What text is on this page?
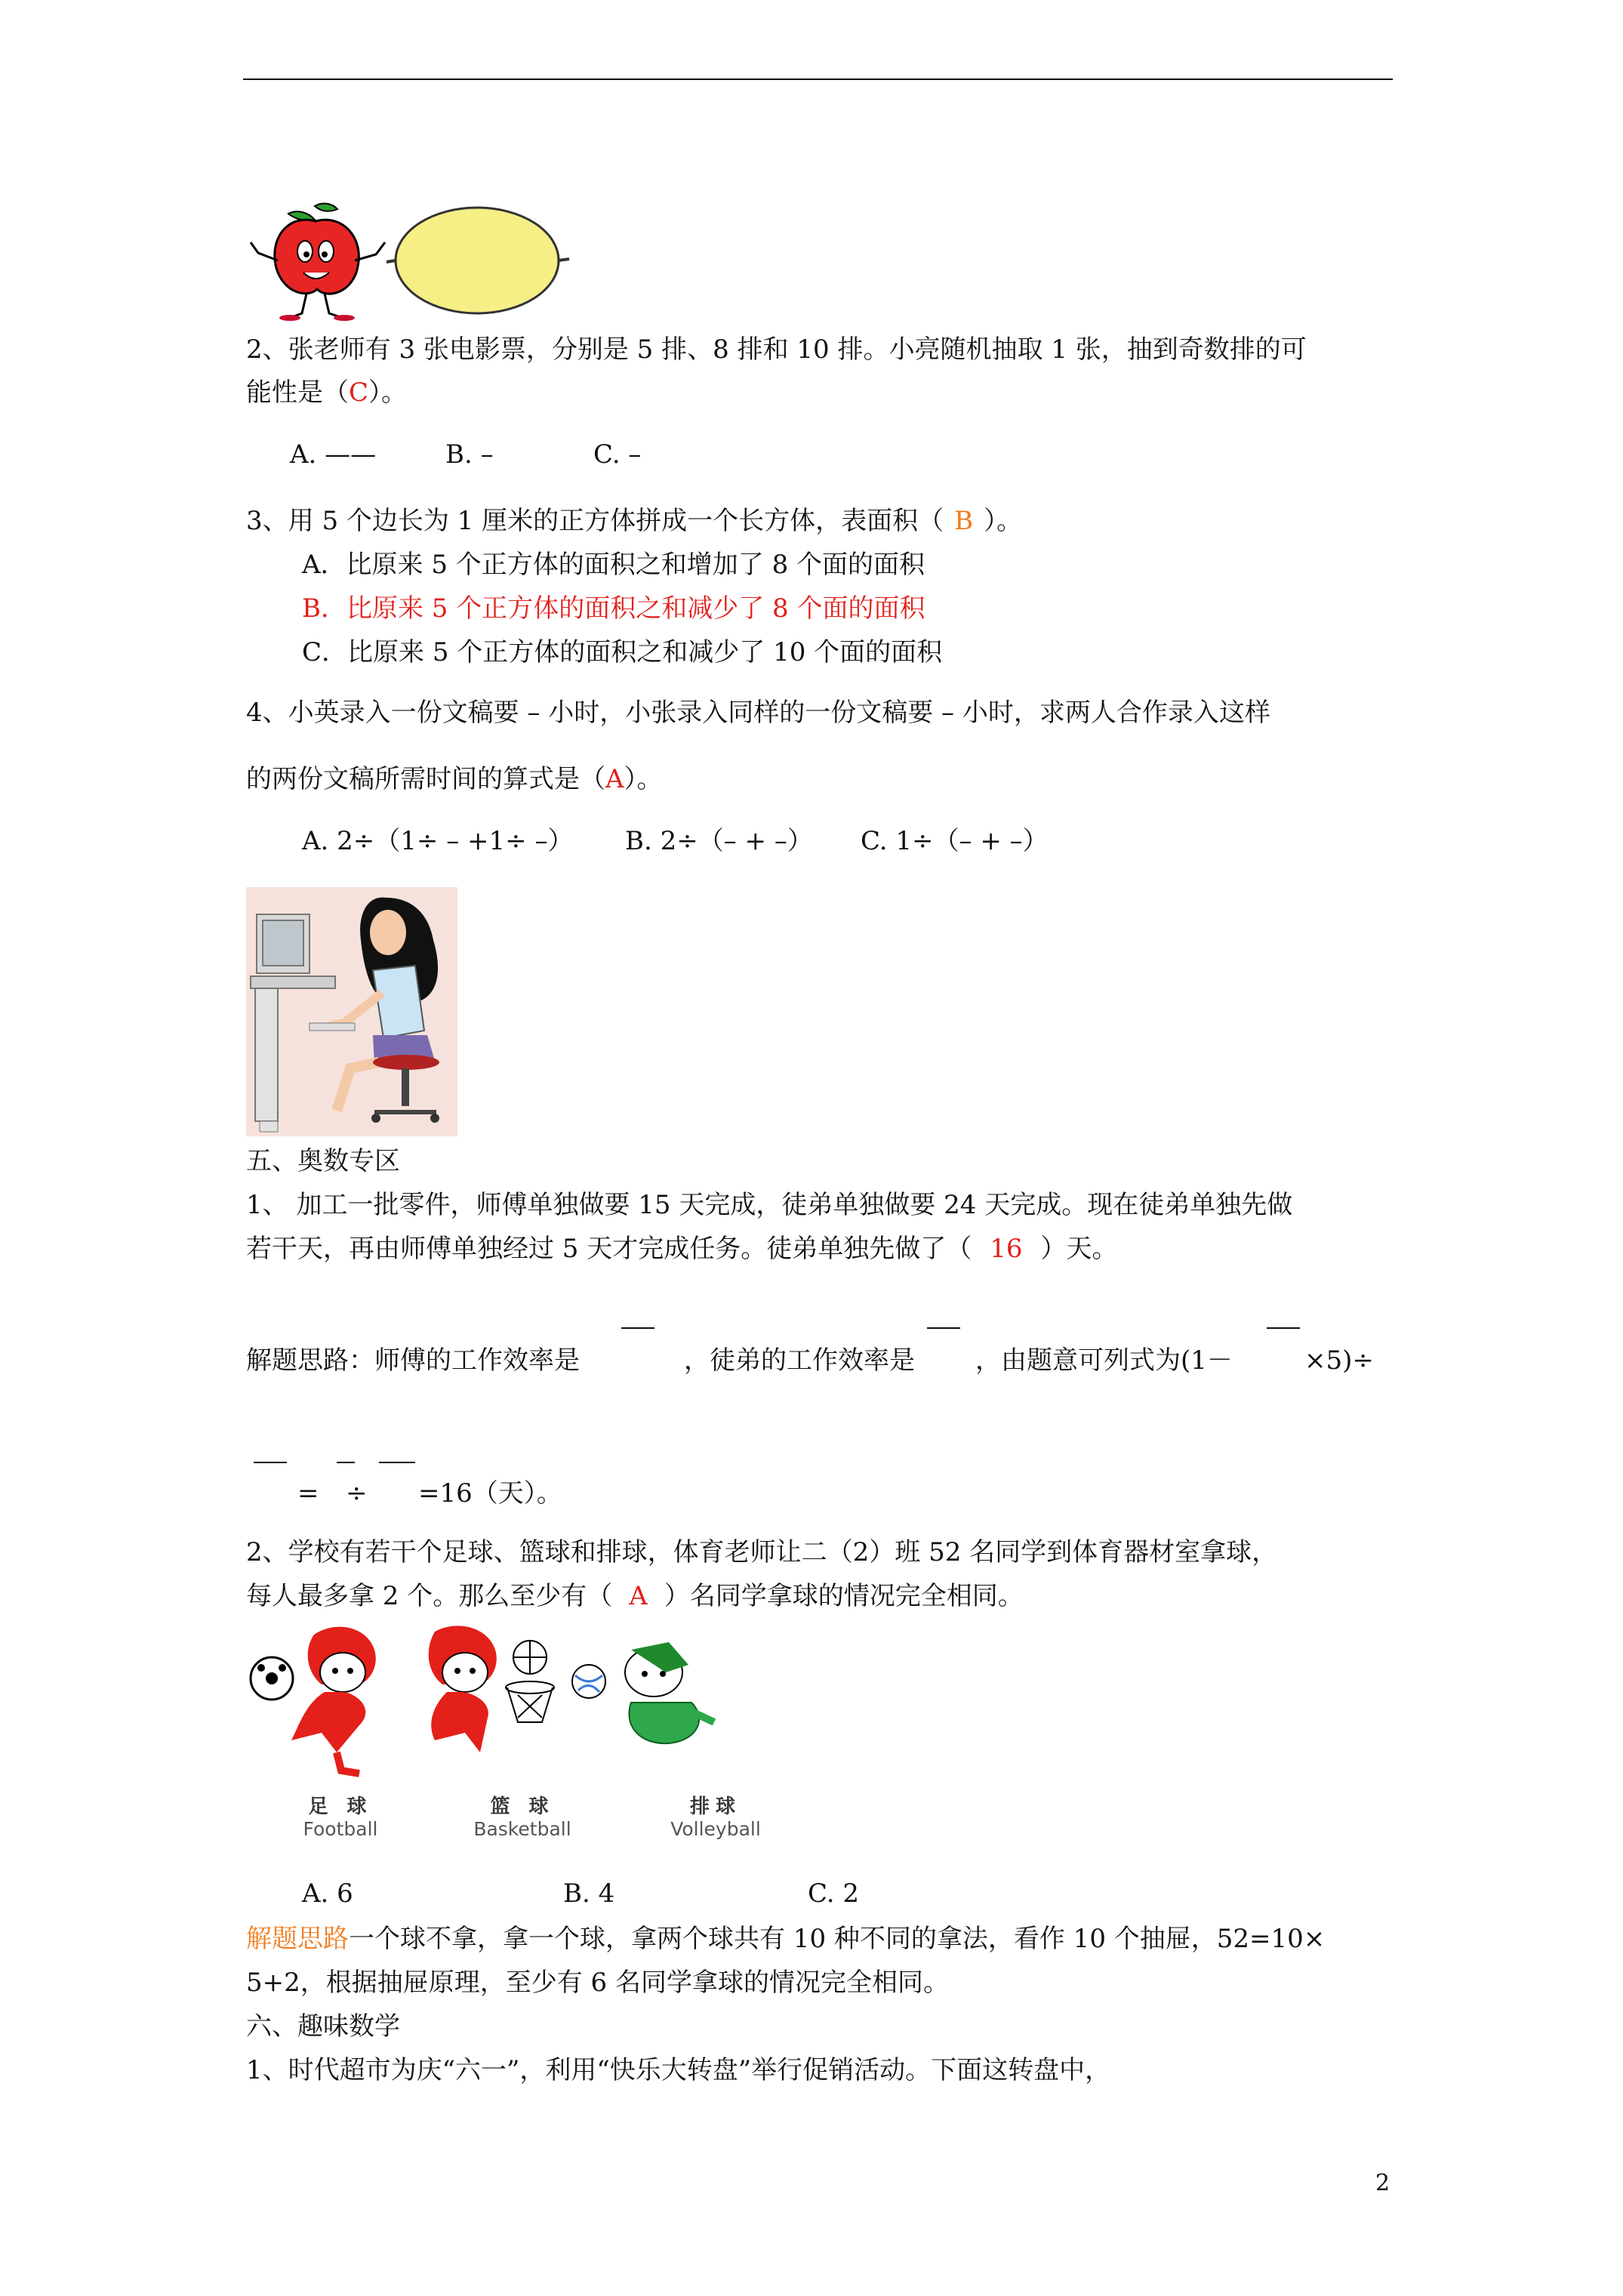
2、张老师有 3 张电影票，分别是 5 排、8 排和 10 排。小亮随机抽取 1 张，抽到奇数排的可
能性是（C）。
A. ——	B. –	C. –
3、用 5 个边长为 1 厘米的正方体拼成一个长方体，表面积（ B ）。
A．比原来 5 个正方体的面积之和增加了 8 个面的面积
B．比原来 5 个正方体的面积之和减少了 8 个面的面积
C．比原来 5 个正方体的面积之和减少了 10 个面的面积
4、小英录入一份文稿要 – 小时，小张录入同样的一份文稿要 – 小时，求两人合作录入这样
的两份文稿所需时间的算式是（A）。
A. 2÷（1÷ – +1÷ –） B. 2÷（– + –） C. 1÷（– + –）
五、奥数专区
1、 加工一批零件，师傅单独做要 15 天完成，徒弟单独做要 24 天完成。现在徒弟单独先做
若干天，再由师傅单独经过 5 天才完成任务。徒弟单独先做了（ 16 ）天。
解题思路：师傅的工作效率是	，徒弟的工作效率是 ，由题意可列式为(1－	×5)÷
= ÷ =16（天）。
2、学校有若干个足球、篮球和排球，体育老师让二（2）班 52 名同学到体育器材室拿球，
每人最多拿 2 个。那么至少有（ A ）名同学拿球的情况完全相同。
足 球
Football
篮 球
Basketball
排球
Volleyball
A. 6	B. 4	C. 2
解题思路一个球不拿，拿一个球，拿两个球共有 10 种不同的拿法，看作 10 个抽屉，52=10×
5+2，根据抽屉原理，至少有 6 名同学拿球的情况完全相同。
六、趣味数学
1、时代超市为庆“六一”，利用“快乐大转盘”举行促销活动。下面这转盘中，
2
